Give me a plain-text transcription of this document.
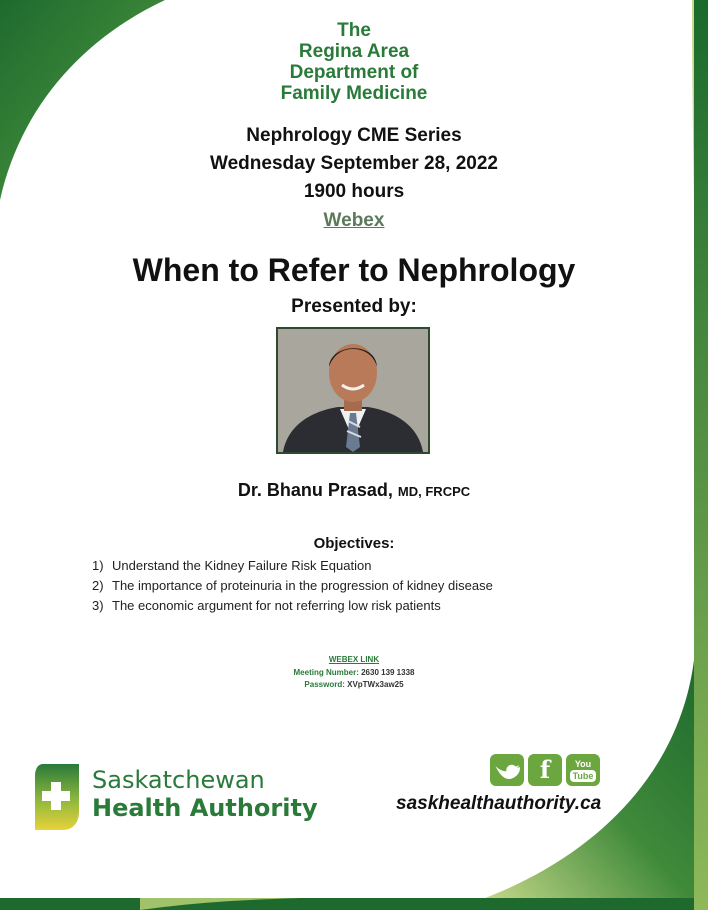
The
Regina Area
Department of
Family Medicine
Nephrology CME Series
Wednesday September 28, 2022
1900 hours
Webex
When to Refer to Nephrology
Presented by:
Dr. Bhanu Prasad, MD, FRCPC
Objectives:
1) Understand the Kidney Failure Risk Equation
2) The importance of proteinuria in the progression of kidney disease
3) The economic argument for not referring low risk patients
WEBEX LINK
Meeting Number: 2630 139 1338
Password: XVpTWx3aw25
Saskatchewan
Health Authority
f	You
Tube
saskhealthauthority.ca
